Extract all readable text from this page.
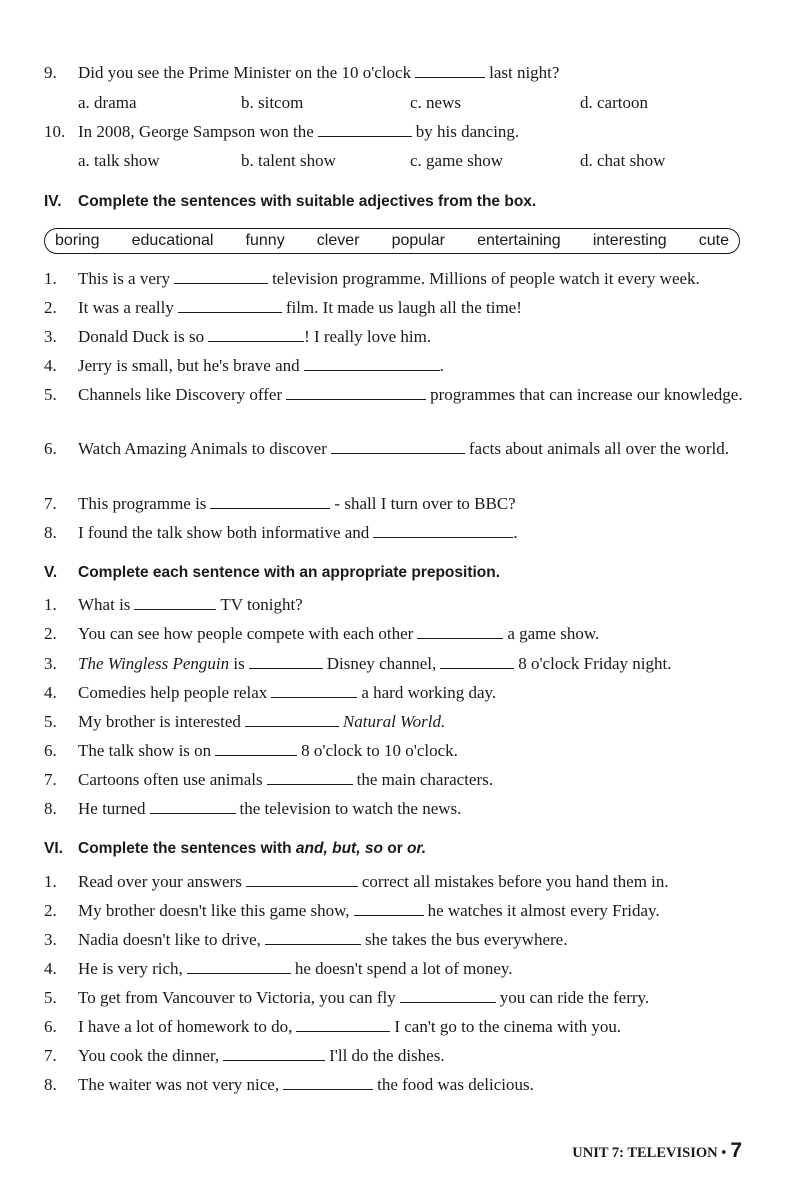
9. Did you see the Prime Minister on the 10 o'clock	last night?
a. drama	b. sitcom	c. news	d. cartoon
10. In 2008, George Sampson won the	by his dancing.
a. talk show	b. talent show	c. game show	d. chat show
IV. Complete the sentences with suitable adjectives from the box.
boring educational funny clever popular entertaining interesting cute
1. This is a very	television programme. Millions of people watch it every week.
2. It was a really	film. It made us laugh all the time!
3. Donald Duck is so	! I really love him.
4. Jerry is small, but he's brave and	.
5. Channels like Discovery offer	programmes that can increase our knowledge.
6. Watch Amazing Animals to discover	facts about animals all over the world.
7. This programme is	- shall I turn over to BBC?
8. I found the talk show both informative and	.
V. Complete each sentence with an appropriate preposition.
1. What is	TV tonight?
2. You can see how people compete with each other	a game show.
3. The Wingless Penguin is	Disney channel,	8 o'clock Friday night.
4. Comedies help people relax	a hard working day.
5. My brother is interested	Natural World.
6. The talk show is on	8 o'clock to 10 o'clock.
7. Cartoons often use animals	the main characters.
8. He turned	the television to watch the news.
VI. Complete the sentences with and, but, so or or.
1. Read over your answers	correct all mistakes before you hand them in.
2. My brother doesn't like this game show,	he watches it almost every Friday.
3. Nadia doesn't like to drive,	she takes the bus everywhere.
4. He is very rich,	he doesn't spend a lot of money.
5. To get from Vancouver to Victoria, you can fly	you can ride the ferry.
6. I have a lot of homework to do,	I can't go to the cinema with you.
7. You cook the dinner,	I'll do the dishes.
8. The waiter was not very nice,	the food was delicious.
UNIT 7: TELEVISION • 7
